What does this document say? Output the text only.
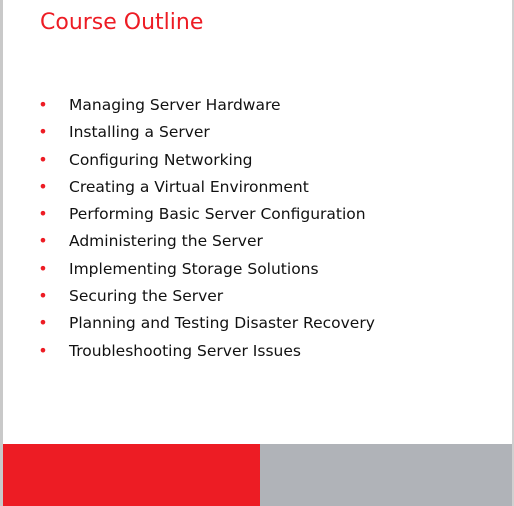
Course Outline
• Managing Server Hardware
• Installing a Server
• Configuring Networking
• Creating a Virtual Environment
• Performing Basic Server Configuration
• Administering the Server
• Implementing Storage Solutions
• Securing the Server
• Planning and Testing Disaster Recovery
• Troubleshooting Server Issues
